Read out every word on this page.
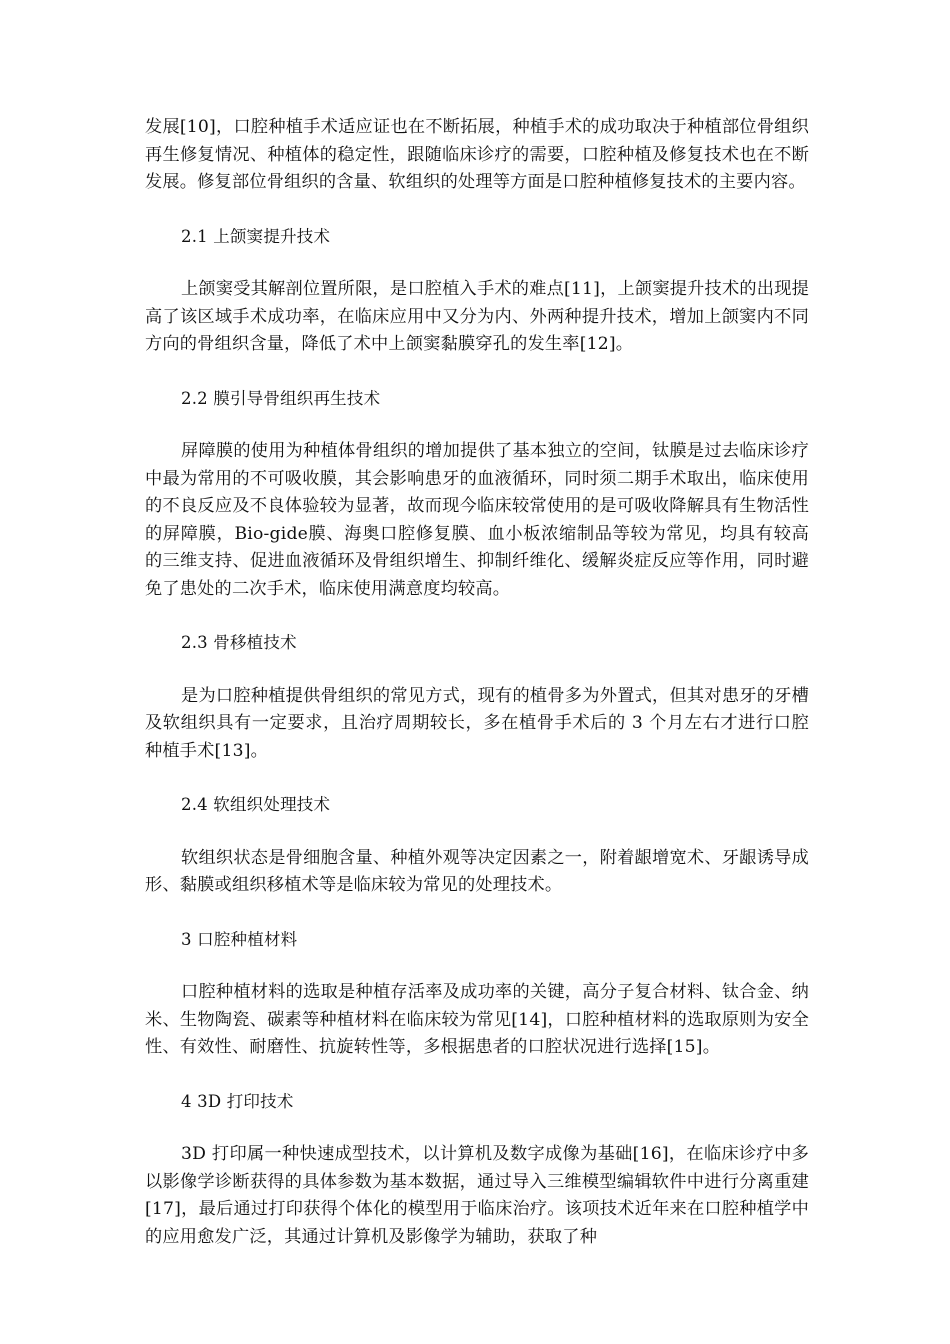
发展[10]，口腔种植手术适应证也在不断拓展，种植手术的成功取决于种植部位骨组织再生修复情况、种植体的稳定性，跟随临床诊疗的需要，口腔种植及修复技术也在不断发展。修复部位骨组织的含量、软组织的处理等方面是口腔种植修复技术的主要内容。

2.1 上颌窦提升技术

上颌窦受其解剖位置所限，是口腔植入手术的难点[11]，上颌窦提升技术的出现提高了该区域手术成功率，在临床应用中又分为内、外两种提升技术，增加上颌窦内不同方向的骨组织含量，降低了术中上颌窦黏膜穿孔的发生率[12]。

2.2 膜引导骨组织再生技术

屏障膜的使用为种植体骨组织的增加提供了基本独立的空间，钛膜是过去临床诊疗中最为常用的不可吸收膜，其会影响患牙的血液循环，同时须二期手术取出，临床使用的不良反应及不良体验较为显著，故而现今临床较常使用的是可吸收降解具有生物活性的屏障膜，Bio-gide膜、海奥口腔修复膜、血小板浓缩制品等较为常见，均具有较高的三维支持、促进血液循环及骨组织增生、抑制纤维化、缓解炎症反应等作用，同时避免了患处的二次手术，临床使用满意度均较高。

2.3 骨移植技术

是为口腔种植提供骨组织的常见方式，现有的植骨多为外置式，但其对患牙的牙槽及软组织具有一定要求，且治疗周期较长，多在植骨手术后的 3 个月左右才进行口腔种植手术[13]。

2.4 软组织处理技术

软组织状态是骨细胞含量、种植外观等决定因素之一，附着龈增宽术、牙龈诱导成形、黏膜或组织移植术等是临床较为常见的处理技术。

3 口腔种植材料

口腔种植材料的选取是种植存活率及成功率的关键，高分子复合材料、钛合金、纳米、生物陶瓷、碳素等种植材料在临床较为常见[14]，口腔种植材料的选取原则为安全性、有效性、耐磨性、抗旋转性等，多根据患者的口腔状况进行选择[15]。

4 3D 打印技术

3D 打印属一种快速成型技术，以计算机及数字成像为基础[16]，在临床诊疗中多以影像学诊断获得的具体参数为基本数据，通过导入三维模型编辑软件中进行分离重建[17]，最后通过打印获得个体化的模型用于临床治疗。该项技术近年来在口腔种植学中的应用愈发广泛，其通过计算机及影像学为辅助，获取了种
